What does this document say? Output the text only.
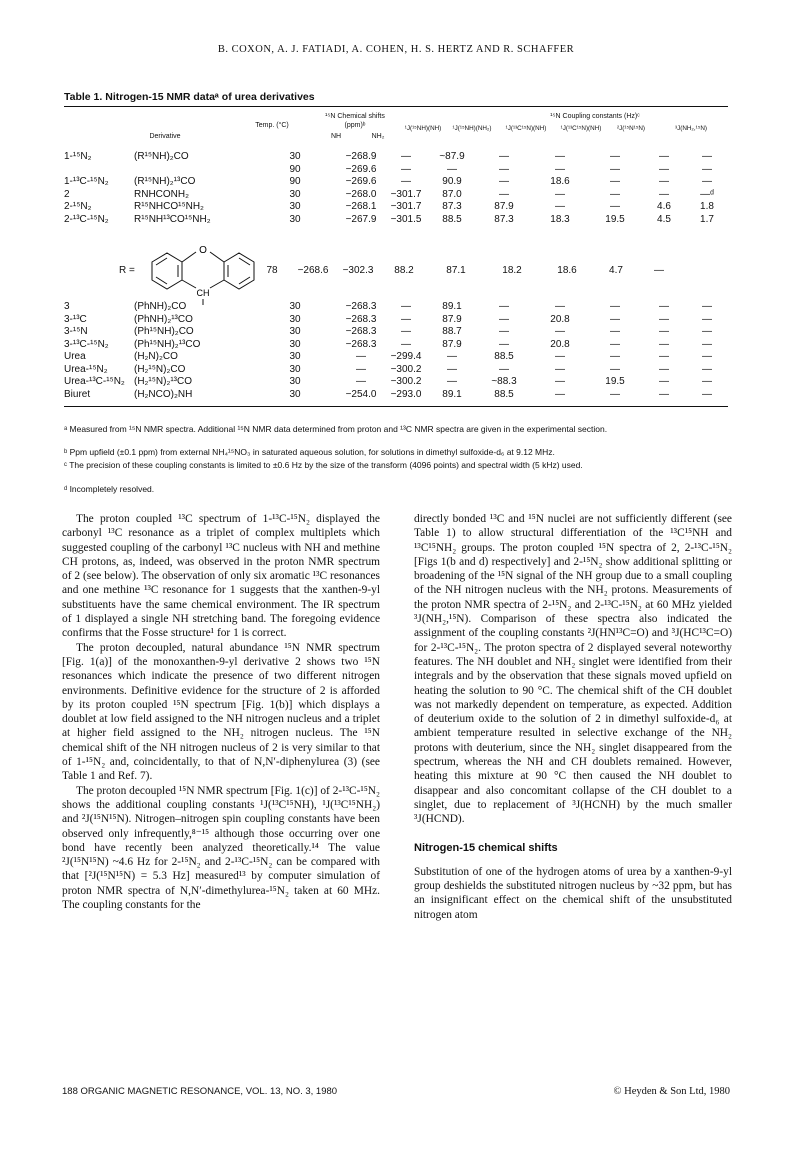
B. COXON, A. J. FATIADI, A. COHEN, H. S. HERTZ AND R. SCHAFFER
Table 1. Nitrogen-15 NMR dataᵃ of urea derivatives
¹⁵N Chemical shifts (ppm)ᵇ
NH	NH₂
¹⁵N Coupling constants (Hz)ᶜ
Temp. (°C)
Derivative
¹J(¹⁵NH)(NH)	¹J(¹⁵NH)(NH₂)	¹J(¹³C¹⁵N)(NH)	¹J(¹³C¹⁵N)(NH)	²J(¹⁵N¹⁵N)	³J(NH₂,¹⁵N)
1-¹⁵N₂	(R¹⁵NH)₂CO	30	−268.9	—	~87.9	—	—	—	—	—
		90	−269.6	—	—	—	—	—	—	—
1-¹³C-¹⁵N₂	(R¹⁵NH)₂¹³CO	90	−269.6	—	90.9	—	18.6	—	—	—
2	RNHCONH₂	30	−268.0	−301.7	87.0	—	—	—	—	—ᵈ
2-¹⁵N₂	R¹⁵NHCO¹⁵NH₂	30	−268.1	−301.7	87.3	87.9	—	—	4.6	1.8
2-¹³C-¹⁵N₂	R¹⁵NH¹³CO¹⁵NH₂	30	−267.9	−301.5	88.5	87.3	18.3	19.5	4.5	1.7
R =
O
CH
78	−268.6	−302.3	88.2	87.1	18.2	18.6	4.7	—
3	(PhNH)₂CO	30	−268.3	—	89.1	—	—	—	—	—
3-¹³C	(PhNH)₂¹³CO	30	−268.3	—	87.9	—	20.8	—	—	—
3-¹⁵N	(Ph¹⁵NH)₂CO	30	−268.3	—	88.7	—	—	—	—	—
3-¹³C-¹⁵N₂	(Ph¹⁵NH)₂¹³CO	30	−268.3	—	87.9	—	20.8	—	—	—
Urea	(H₂N)₂CO	30	—	−299.4	—	88.5	—	—	—	—
Urea-¹⁵N₂	(H₂¹⁵N)₂CO	30	—	−300.2	—	—	—	—	—	—
Urea-¹³C-¹⁵N₂	(H₂¹⁵N)₂¹³CO	30	—	−300.2	—	~88.3	—	19.5	—	—
Biuret	(H₂NCO)₂NH	30	−254.0	−293.0	89.1	88.5	—	—	—	—
ᵃ Measured from ¹⁵N NMR spectra. Additional ¹⁵N NMR data determined from proton and ¹³C NMR spectra are given in the experimental section.
ᵇ Ppm upfield (±0.1 ppm) from external NH₄¹⁵NO₃ in saturated aqueous solution, for solutions in dimethyl sulfoxide-d₆ at 9.12 MHz.
ᶜ The precision of these coupling constants is limited to ±0.6 Hz by the size of the transform (4096 points) and spectral width (5 kHz) used.
ᵈ Incompletely resolved.

The proton coupled ¹³C spectrum of 1-¹³C-¹⁵N₂ displayed the carbonyl ¹³C resonance as a triplet of complex multiplets which suggested coupling of the carbonyl ¹³C nucleus with NH and methine CH protons, as, indeed, was observed in the proton NMR spectrum of 2 (see below). The observation of only six aromatic ¹³C resonances and one methine ¹³C resonance for 1 suggests that the xanthen-9-yl substituents have the same chemical environment. The IR spectrum of 1 displayed a single NH stretching band. The foregoing evidence confirms that the Fosse structure¹ for 1 is correct.

The proton decoupled, natural abundance ¹⁵N NMR spectrum [Fig. 1(a)] of the monoxanthen-9-yl derivative 2 shows two ¹⁵N resonances which indicate the presence of two different nitrogen environments. Definitive evidence for the structure of 2 is afforded by its proton coupled ¹⁵N spectrum [Fig. 1(b)] which displays a doublet at low field assigned to the NH nitrogen nucleus and a triplet at higher field assigned to the NH₂ nitrogen nucleus. The ¹⁵N chemical shift of the NH nitrogen nucleus of 2 is very similar to that of 1-¹⁵N₂ and, coincidentally, to that of N,N′-diphenylurea (3) (see Table 1 and Ref. 7).

The proton decoupled ¹⁵N NMR spectrum [Fig. 1(c)] of 2-¹³C-¹⁵N₂ shows the additional coupling constants ¹J(¹³C¹⁵NH), ¹J(¹³C¹⁵NH₂) and ²J(¹⁵N¹⁵N). Nitrogen–nitrogen spin coupling constants have been observed only infrequently,⁸⁻¹⁵ although those occurring over one bond have recently been analyzed theoretically.¹⁴ The value ²J(¹⁵N¹⁵N) ~4.6 Hz for 2-¹⁵N₂ and 2-¹³C-¹⁵N₂ can be compared with that [²J(¹⁵N¹⁵N) = 5.3 Hz] measured¹³ by computer simulation of proton NMR spectra of N,N′-dimethylurea-¹⁵N₂ taken at 60 MHz. The coupling constants for the

directly bonded ¹³C and ¹⁵N nuclei are not sufficiently different (see Table 1) to allow structural differentiation of the ¹³C¹⁵NH and ¹³C¹⁵NH₂ groups. The proton coupled ¹⁵N spectra of 2, 2-¹³C-¹⁵N₂ [Figs 1(b and d) respectively] and 2-¹⁵N₂ show additional splitting or broadening of the ¹⁵N signal of the NH group due to a small coupling of the NH nitrogen nucleus with the NH₂ protons. Measurements of the proton NMR spectra of 2-¹⁵N₂ and 2-¹³C-¹⁵N₂ at 60 MHz yielded ³J(NH₂,¹⁵N). Comparison of these spectra also indicated the assignment of the coupling constants ²J(HN¹³C=O) and ³J(HC¹³C=O) for 2-¹³C-¹⁵N₂. The proton spectra of 2 displayed several noteworthy features. The NH doublet and NH₂ singlet were identified from their integrals and by the observation that these signals moved upfield on heating the solution to 90 °C. The chemical shift of the CH doublet was not markedly dependent on temperature, as expected. Addition of deuterium oxide to the solution of 2 in dimethyl sulfoxide-d₆ at ambient temperature resulted in selective exchange of the NH₂ protons with deuterium, since the NH₂ singlet disappeared from the spectrum, whereas the NH and CH doublets remained. However, heating this mixture at 90 °C then caused the NH doublet to disappear and also concomitant collapse of the CH doublet to a singlet, due to replacement of ³J(HCNH) by the much smaller ³J(HCND).

Nitrogen-15 chemical shifts

Substitution of one of the hydrogen atoms of urea by a xanthen-9-yl group deshields the substituted nitrogen nucleus by ~32 ppm, but has an insignificant effect on the chemical shift of the unsubstituted nitrogen atom

188 ORGANIC MAGNETIC RESONANCE, VOL. 13, NO. 3, 1980	© Heyden & Son Ltd, 1980
